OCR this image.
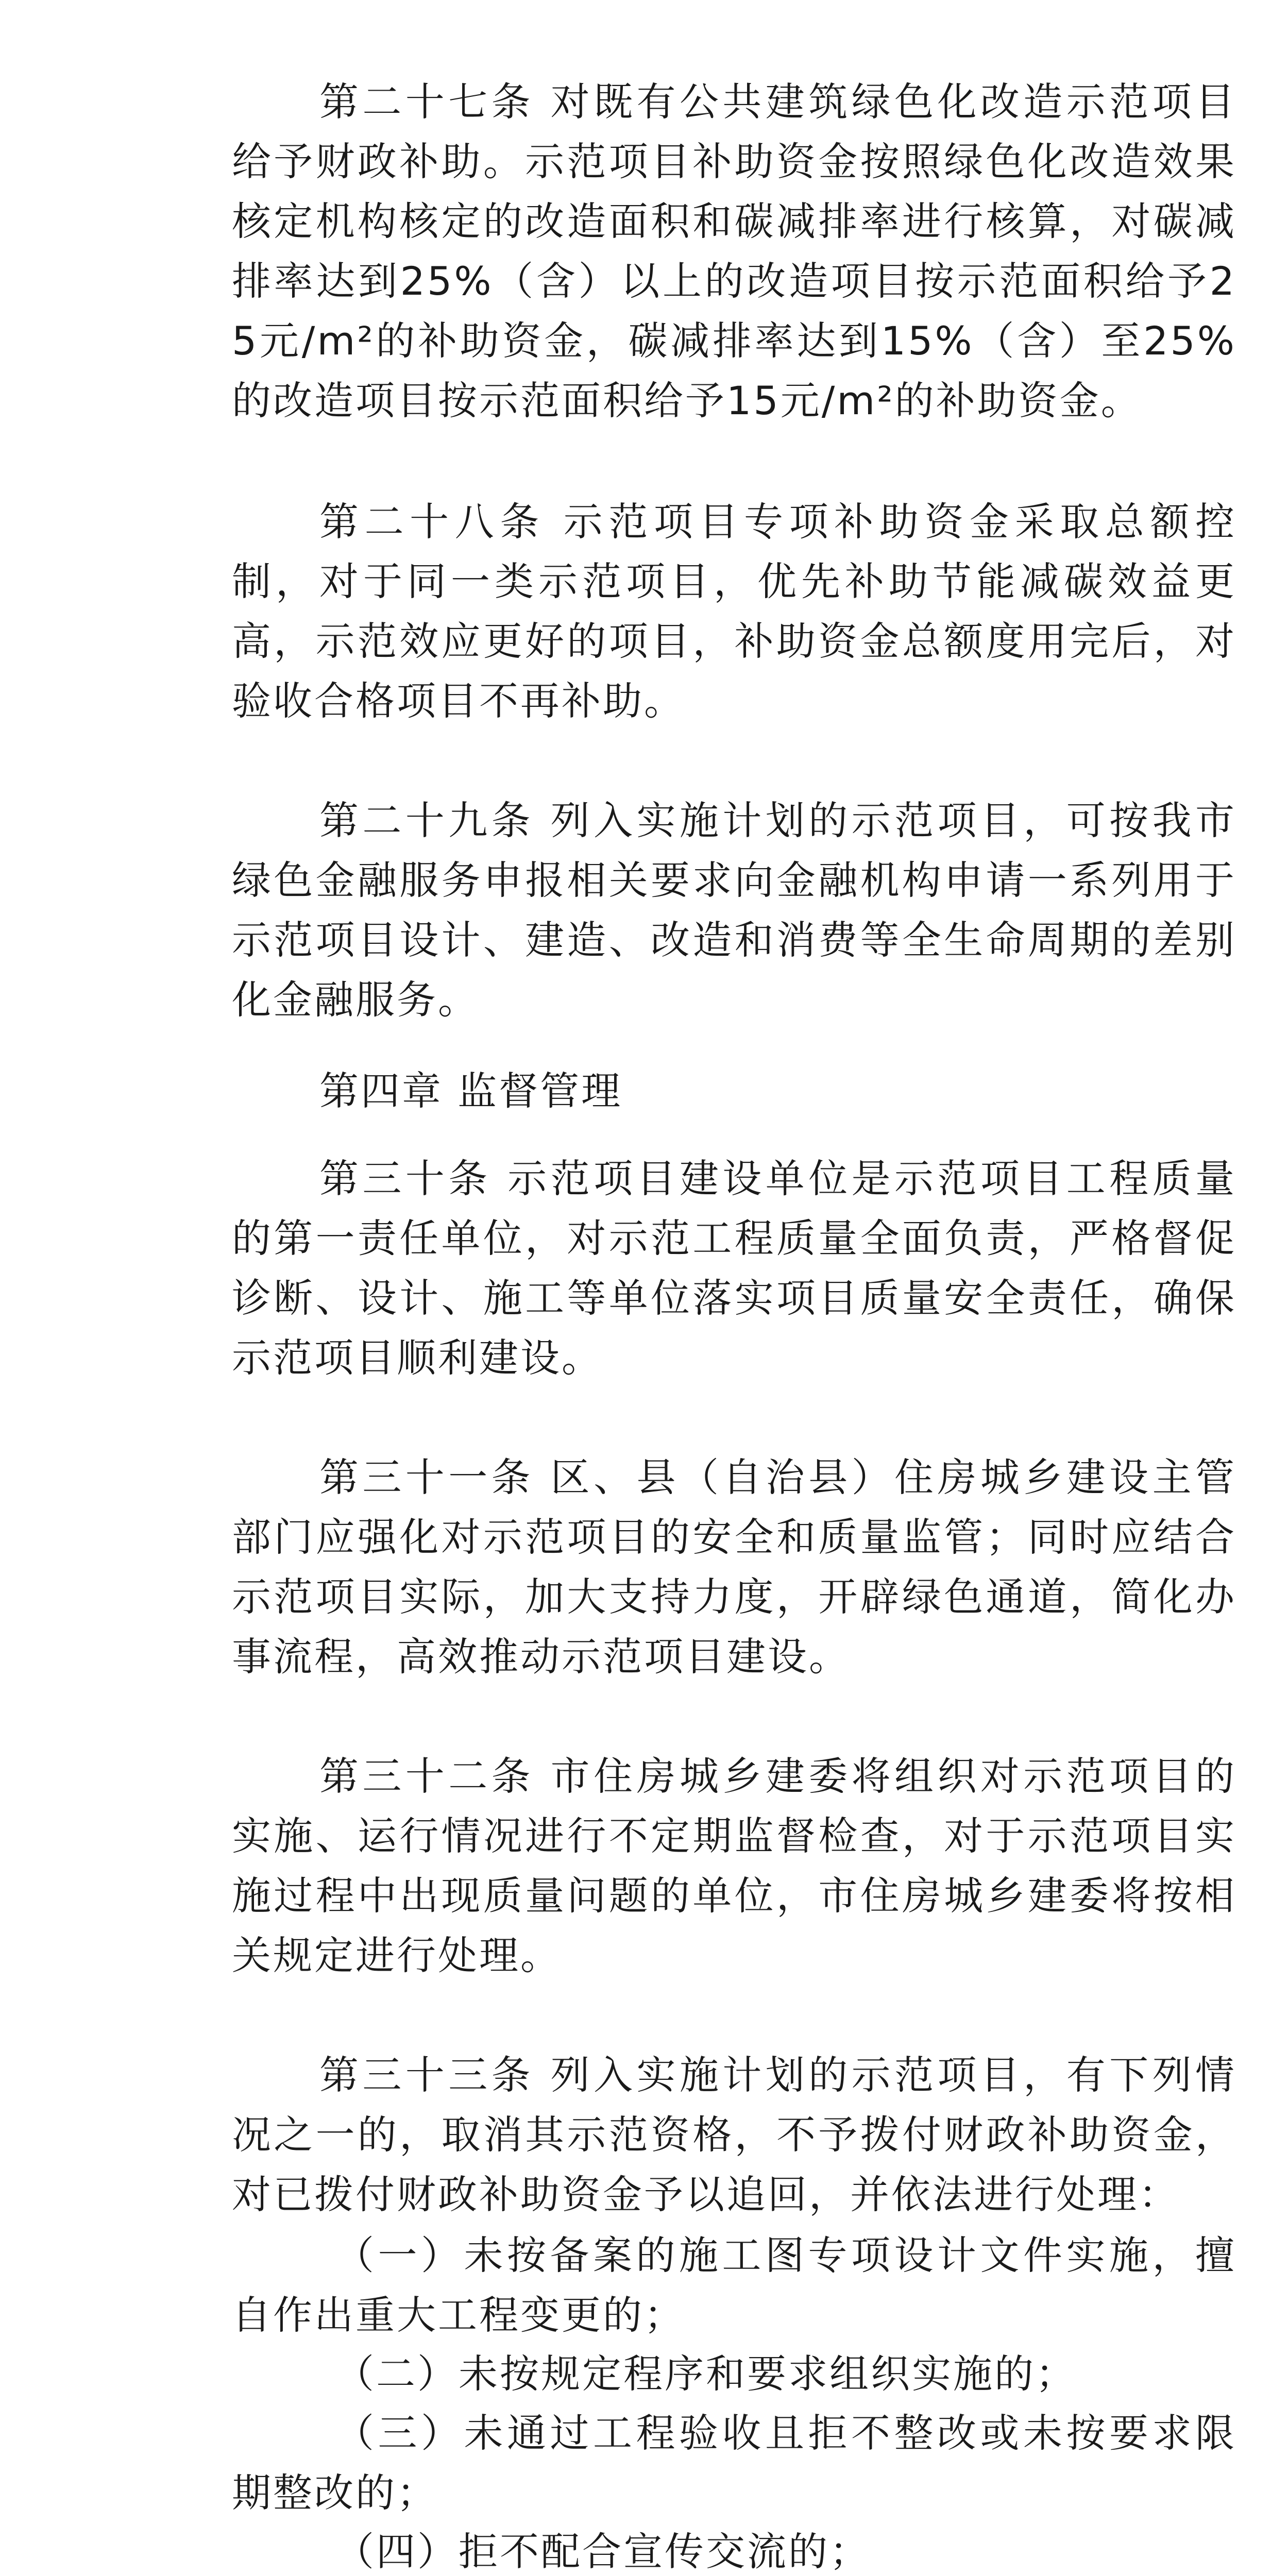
第二十七条 对既有公共建筑绿色化改造示范项目给予财政补助。示范项目补助资金按照绿色化改造效果核定机构核定的改造面积和碳减排率进行核算，对碳减排率达到25%（含）以上的改造项目按示范面积给予25元/m²的补助资金，碳减排率达到15%（含）至25%的改造项目按示范面积给予15元/m²的补助资金。

第二十八条 示范项目专项补助资金采取总额控制，对于同一类示范项目，优先补助节能减碳效益更高，示范效应更好的项目，补助资金总额度用完后，对验收合格项目不再补助。

第二十九条 列入实施计划的示范项目，可按我市绿色金融服务申报相关要求向金融机构申请一系列用于示范项目设计、建造、改造和消费等全生命周期的差别化金融服务。

第四章 监督管理

第三十条 示范项目建设单位是示范项目工程质量的第一责任单位，对示范工程质量全面负责，严格督促诊断、设计、施工等单位落实项目质量安全责任，确保示范项目顺利建设。

第三十一条 区、县（自治县）住房城乡建设主管部门应强化对示范项目的安全和质量监管；同时应结合示范项目实际，加大支持力度，开辟绿色通道，简化办事流程，高效推动示范项目建设。

第三十二条 市住房城乡建委将组织对示范项目的实施、运行情况进行不定期监督检查，对于示范项目实施过程中出现质量问题的单位，市住房城乡建委将按相关规定进行处理。

第三十三条 列入实施计划的示范项目，有下列情况之一的，取消其示范资格，不予拨付财政补助资金，对已拨付财政补助资金予以追回，并依法进行处理：

（一）未按备案的施工图专项设计文件实施，擅自作出重大工程变更的；

（二）未按规定程序和要求组织实施的；

（三）未通过工程验收且拒不整改或未按要求限期整改的；

（四）拒不配合宣传交流的；
